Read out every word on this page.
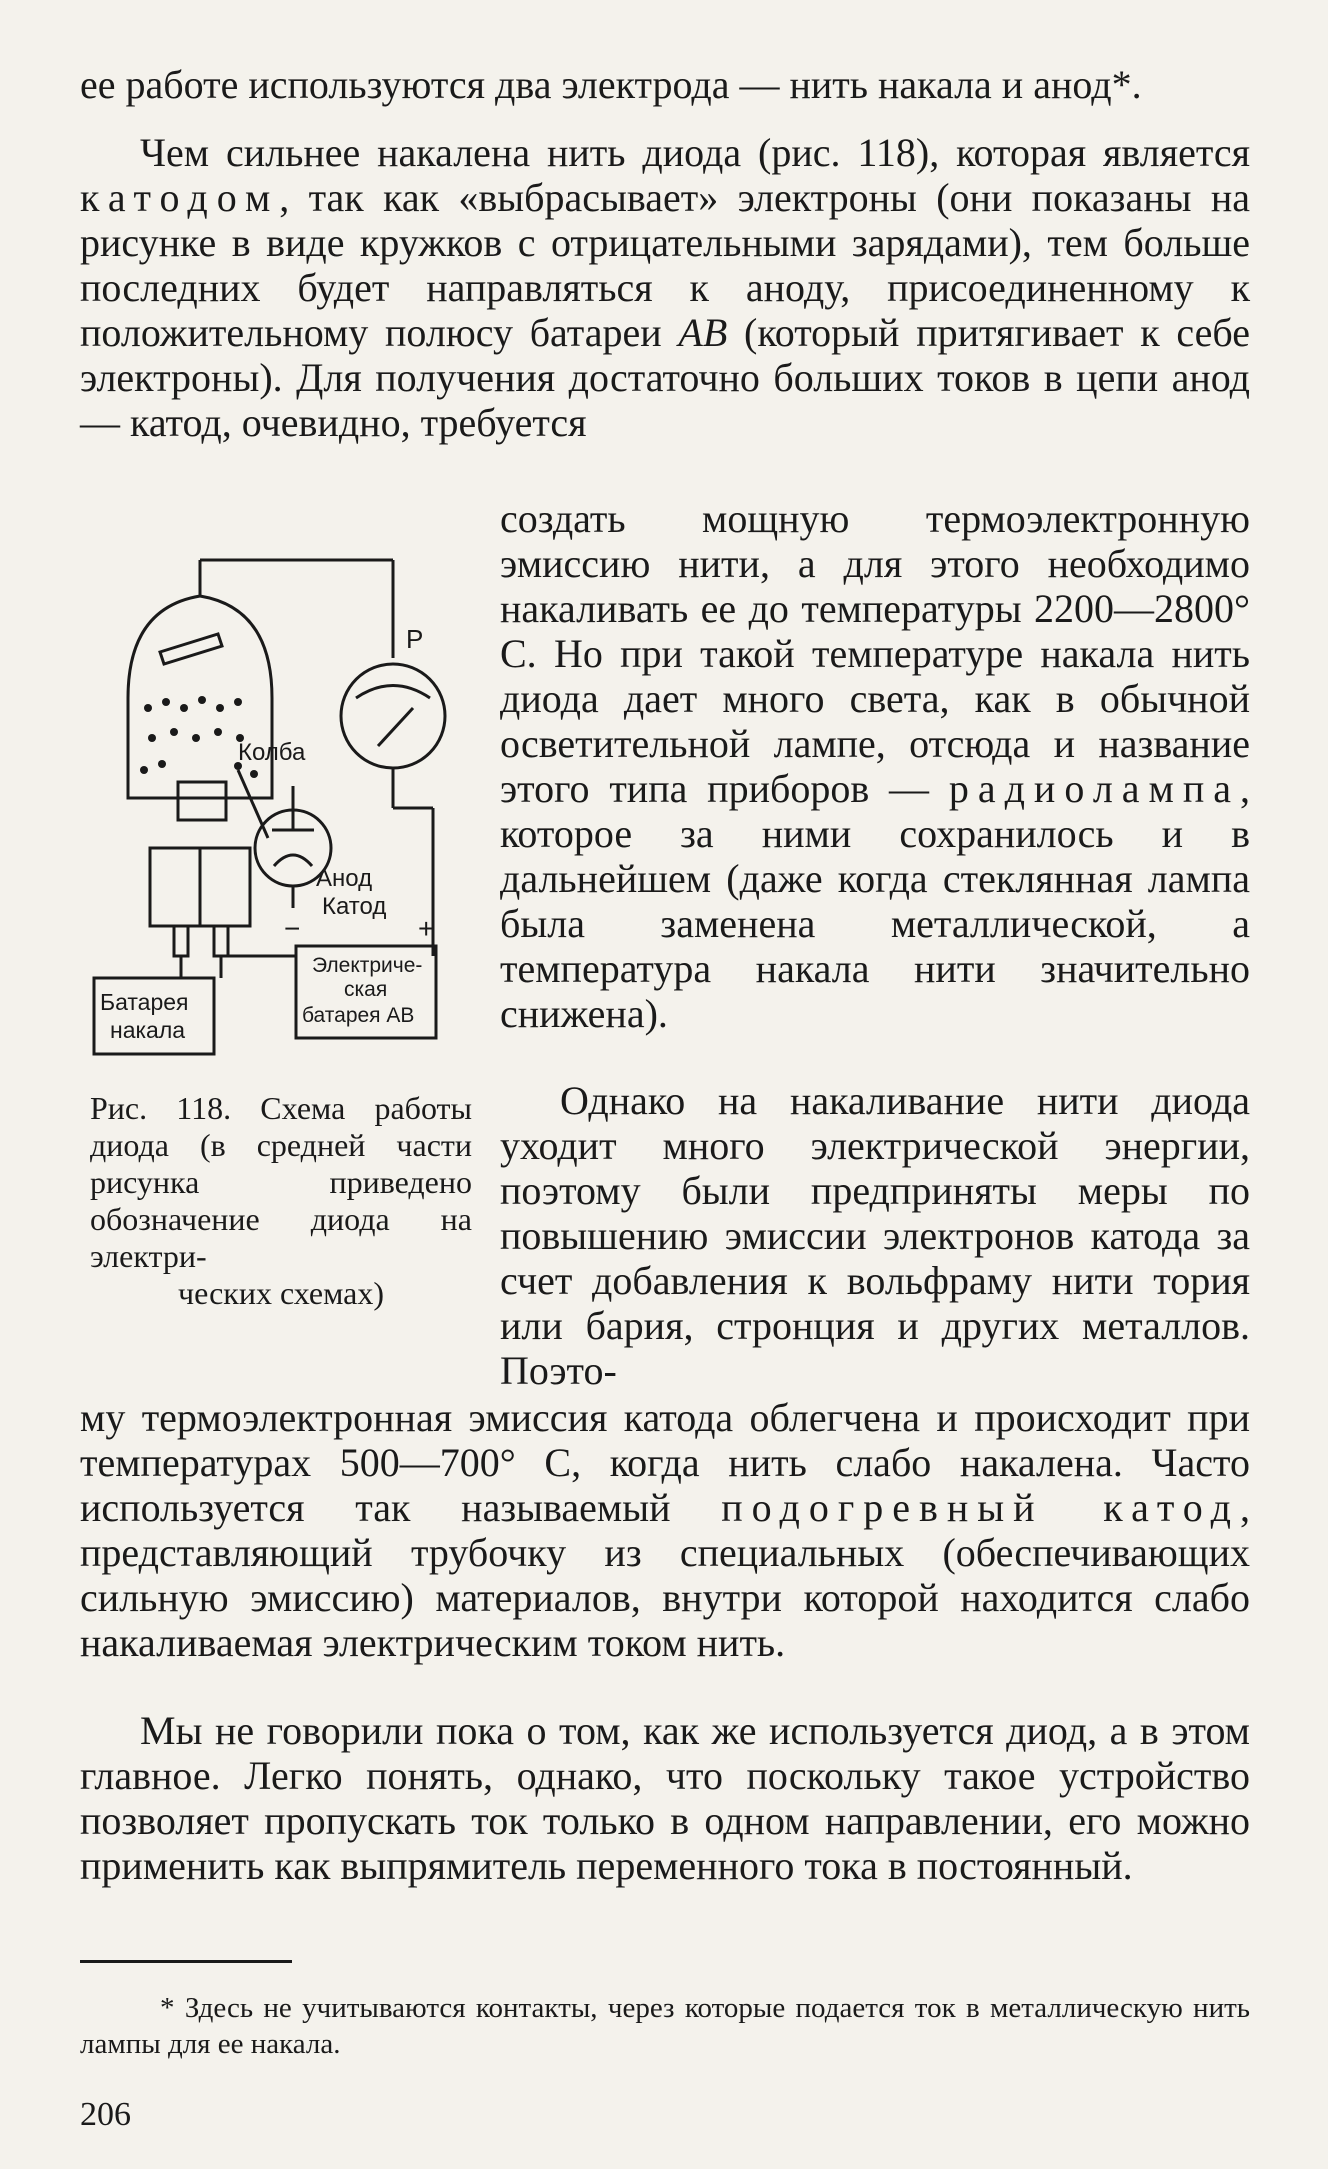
ее работе используются два электрода — нить накала и анод*.

Чем сильнее накалена нить диода (рис. 118), которая является катодом, так как «выбрасывает» электроны (они показаны на рисунке в виде кружков с отрицательными зарядами), тем больше последних будет направляться к аноду, присоединенному к положительному полюсу батареи АВ (который притягивает к себе электроны). Для получения достаточно больших токов в цепи анод — катод, очевидно, требуется

создать мощную термоэлектронную эмиссию нити, а для этого необходимо накаливать ее до температуры 2200—2800° С. Но при такой температуре накала нить диода дает много света, как в обычной осветительной лампе, отсюда и название этого типа приборов — радиолампа, которое за ними сохранилось и в дальнейшем (даже когда стеклянная лампа была заменена металлической, а температура накала нити значительно снижена).

Однако на накаливание нити диода уходит много электрической энергии, поэтому были предприняты меры по повышению эмиссии электронов катода за счет добавления к вольфраму нити тория или бария, стронция и других металлов. Поэто-

му термоэлектронная эмиссия катода облегчена и происходит при температурах 500—700° С, когда нить слабо накалена. Часто используется так называемый подогревный катод, представляющий трубочку из специальных (обеспечивающих сильную эмиссию) материалов, внутри которой находится слабо накаливаемая электрическим током нить.

Мы не говорили пока о том, как же используется диод, а в этом главное. Легко понять, однако, что поскольку такое устройство позволяет пропускать ток только в одном направлении, его можно применить как выпрямитель переменного тока в постоянный.

Колба
Анод
Катод
Р
−	+
Батарея
накала
Электриче-
ская
батарея АВ

Рис. 118. Схема работы диода (в средней части рисунка приведено обозначение диода на электри-

ческих схемах)

* Здесь не учитываются контакты, через которые подается ток в металлическую нить лампы для ее накала.

206
